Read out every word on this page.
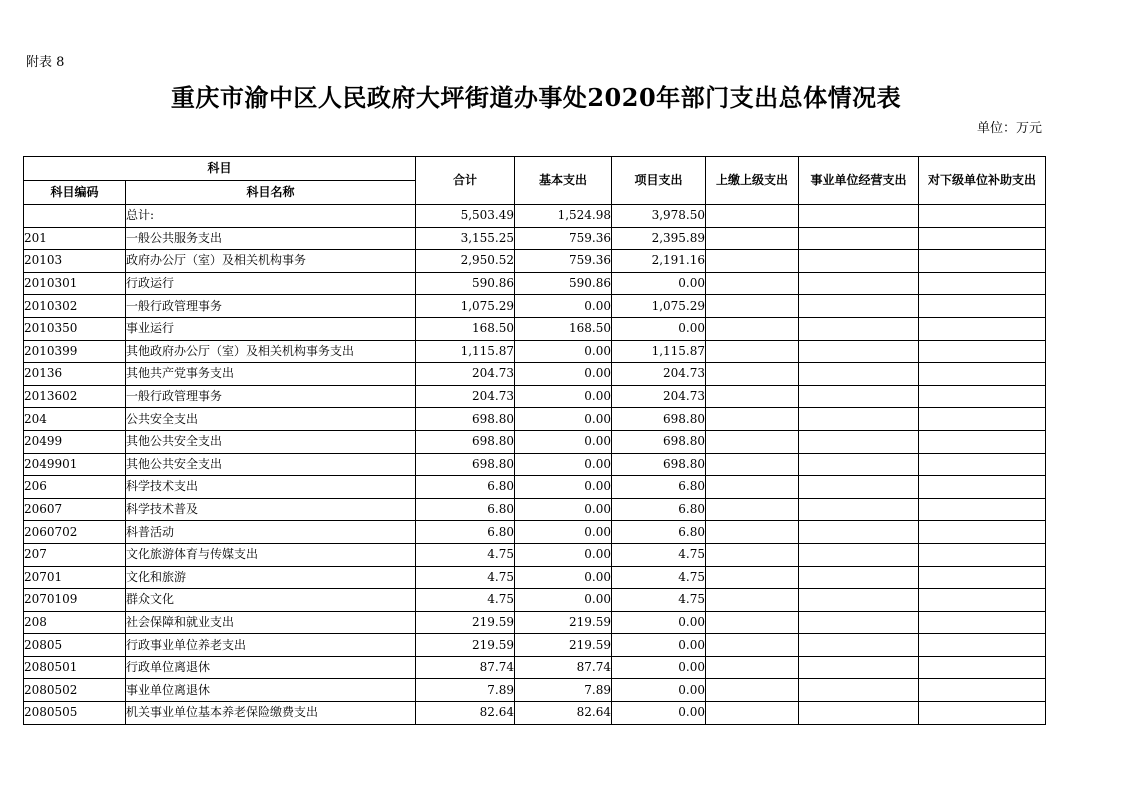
附表 8
重庆市渝中区人民政府大坪街道办事处2020年部门支出总体情况表
单位：万元
科目		合计	基本支出	项目支出	上缴上级支出	事业单位经营支出	对下级单位补助支出
科目编码	科目名称						
	总计:	5,503.49	1,524.98	3,978.50			
201	一般公共服务支出	3,155.25	759.36	2,395.89			
20103	政府办公厅（室）及相关机构事务	2,950.52	759.36	2,191.16			
2010301	行政运行	590.86	590.86	0.00			
2010302	一般行政管理事务	1,075.29	0.00	1,075.29			
2010350	事业运行	168.50	168.50	0.00			
2010399	其他政府办公厅（室）及相关机构事务支出	1,115.87	0.00	1,115.87			
20136	其他共产党事务支出	204.73	0.00	204.73			
2013602	一般行政管理事务	204.73	0.00	204.73			
204	公共安全支出	698.80	0.00	698.80			
20499	其他公共安全支出	698.80	0.00	698.80			
2049901	其他公共安全支出	698.80	0.00	698.80			
206	科学技术支出	6.80	0.00	6.80			
20607	科学技术普及	6.80	0.00	6.80			
2060702	科普活动	6.80	0.00	6.80			
207	文化旅游体育与传媒支出	4.75	0.00	4.75			
20701	文化和旅游	4.75	0.00	4.75			
2070109	群众文化	4.75	0.00	4.75			
208	社会保障和就业支出	219.59	219.59	0.00			
20805	行政事业单位养老支出	219.59	219.59	0.00			
2080501	行政单位离退休	87.74	87.74	0.00			
2080502	事业单位离退休	7.89	7.89	0.00			
2080505	机关事业单位基本养老保险缴费支出	82.64	82.64	0.00			
